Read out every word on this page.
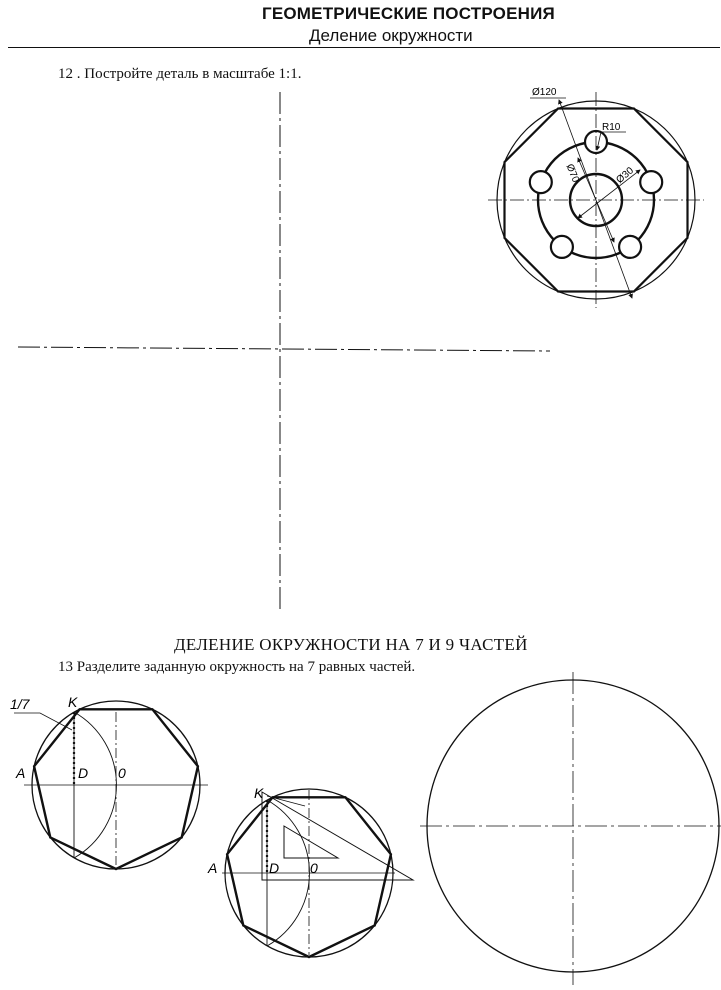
ГЕОМЕТРИЧЕСКИЕ ПОСТРОЕНИЯ
Деление окружности
12 . Постройте деталь в масштабе 1:1.
ДЕЛЕНИЕ ОКРУЖНОСТИ НА 7 И 9 ЧАСТЕЙ
13 Разделите заданную окружность на 7 равных частей.
Ø120
R10
Ø70	Ø30
1/7	K
A	D 0
K
A	D 0
